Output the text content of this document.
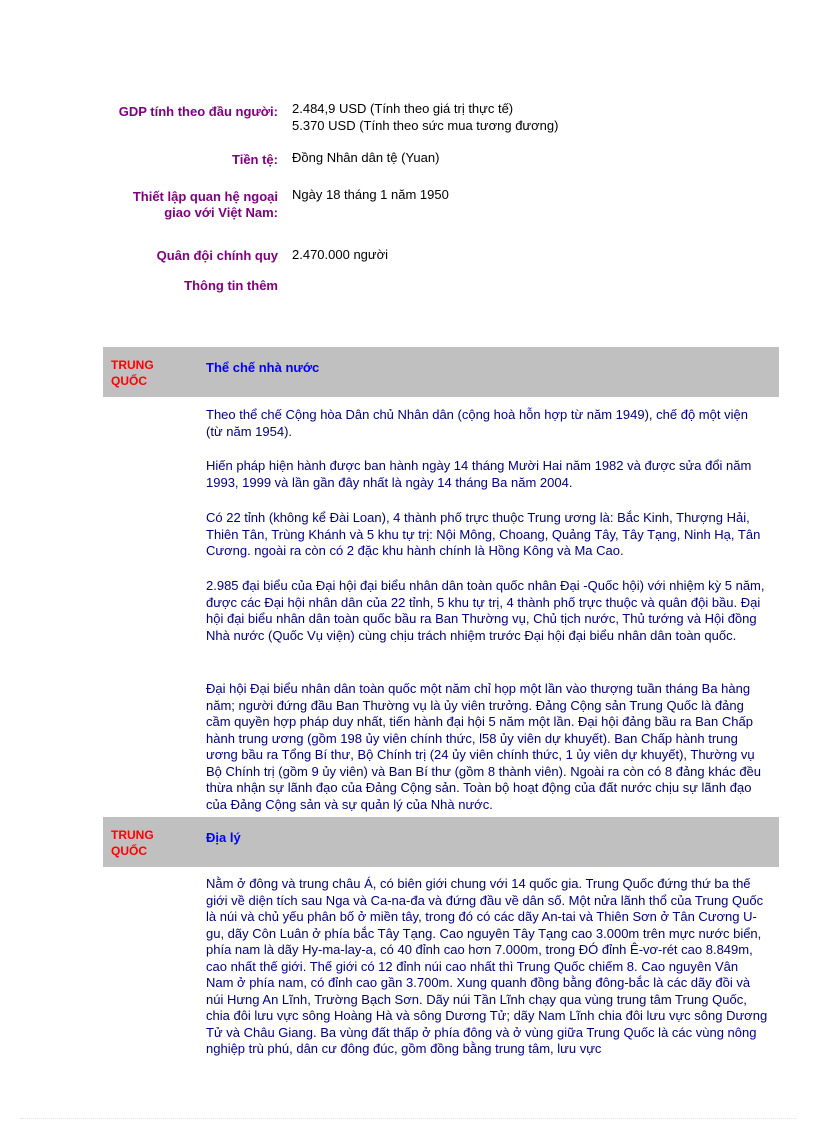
GDP tính theo đầu người: 2.484,9 USD (Tính theo giá trị thực tế)
5.370 USD (Tính theo sức mua tương đương)
Tiền tệ: Đồng Nhân dân tệ (Yuan)
Thiết lập quan hệ ngoại
giao với Việt Nam:
Ngày 18 tháng 1 năm 1950
Quân đội chính quy 2.470.000 người
Thông tin thêm
TRUNG
QUỐC
Thể chế nhà nước

Theo thể chế Cộng hòa Dân chủ Nhân dân (cộng hoà hỗn hợp từ năm 1949), chế độ một viện (từ năm 1954).

Hiến pháp hiện hành được ban hành ngày 14 tháng Mười Hai năm 1982 và được sửa đổi năm 1993, 1999 và lần gần đây nhất là ngày 14 tháng Ba năm 2004.

Có 22 tỉnh (không kể Đài Loan), 4 thành phố trực thuộc Trung ương là: Bắc Kinh, Thượng Hải, Thiên Tân, Trùng Khánh và 5 khu tự trị: Nội Mông, Choang, Quảng Tây, Tây Tạng, Ninh Hạ, Tân Cương. ngoài ra còn có 2 đặc khu hành chính là Hồng Kông và Ma Cao.

2.985 đại biểu của Đại hội đại biểu nhân dân toàn quốc nhân Đại -Quốc hội) với nhiệm kỳ 5 năm, được các Đại hội nhân dân của 22 tỉnh, 5 khu tự trị, 4 thành phố trực thuộc và quân đội bầu. Đại hội đại biểu nhân dân toàn quốc bầu ra Ban Thường vụ, Chủ tịch nước, Thủ tướng và Hội đồng Nhà nước (Quốc Vụ viện) cùng chịu trách nhiệm trước Đại hội đại biểu nhân dân toàn quốc.

Đại hội Đại biểu nhân dân toàn quốc một năm chỉ họp một lần vào thượng tuần tháng Ba hàng năm; người đứng đầu Ban Thường vụ là ủy viên trưởng. Đảng Cộng sản Trung Quốc là đảng cầm quyền hợp pháp duy nhất, tiến hành đại hội 5 năm một lần. Đại hội đảng bầu ra Ban Chấp hành trung ương (gồm 198 ủy viên chính thức, l58 ủy viên dự khuyết). Ban Chấp hành trung ương bầu ra Tổng Bí thư, Bộ Chính trị (24 ủy viên chính thức, 1 ủy viên dự khuyết), Thường vụ Bộ Chính trị (gồm 9 ủy viên) và Ban Bí thư (gồm 8 thành viên). Ngoài ra còn có 8 đảng khác đều thừa nhận sự lãnh đạo của Đảng Cộng sản. Toàn bộ hoạt động của đất nước chịu sự lãnh đạo của Đảng Cộng sản và sự quản lý của Nhà nước.

TRUNG
QUỐC
Địa lý

Nằm ở đông và trung châu Á, có biên giới chung với 14 quốc gia. Trung Quốc đứng thứ ba thế giới về diện tích sau Nga và Ca-na-đa và đứng đầu về dân số. Một nửa lãnh thổ của Trung Quốc là núi và chủ yếu phân bố ở miền tây, trong đó có các dãy An-tai và Thiên Sơn ở Tân Cương U-gu, dãy Côn Luân ở phía bắc Tây Tạng. Cao nguyên Tây Tạng cao 3.000m trên mực nước biển, phía nam là dãy Hy-ma-lay-a, có 40 đỉnh cao hơn 7.000m, trong ĐÓ đỉnh Ê-vơ-rét cao 8.849m, cao nhất thế giới. Thế giới có 12 đỉnh núi cao nhất thì Trung Quốc chiếm 8. Cao nguyên Vân Nam ở phía nam, có đỉnh cao gần 3.700m. Xung quanh đồng bằng đông-bắc là các dãy đồi và núi Hưng An Lĩnh, Trường Bạch Sơn. Dãy núi Tần Lĩnh chạy qua vùng trung tâm Trung Quốc, chia đôi lưu vực sông Hoàng Hà và sông Dương Tử; dãy Nam Lĩnh chia đôi lưu vực sông Dương Tử và Châu Giang. Ba vùng đất thấp ở phía đông và ở vùng giữa Trung Quốc là các vùng nông nghiệp trù phú, dân cư đông đúc, gồm đồng bằng trung tâm, lưu vực
